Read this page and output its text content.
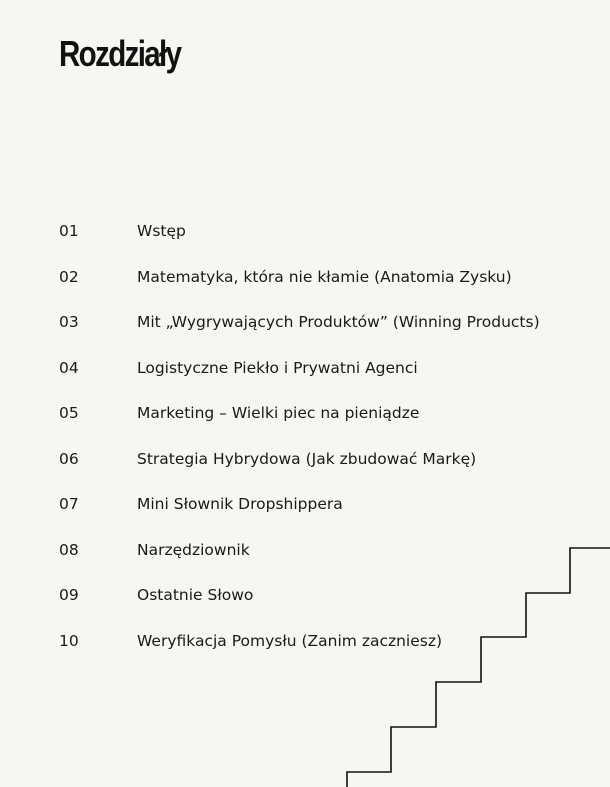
Rozdziały
01	Wstęp
02	Matematyka, która nie kłamie (Anatomia Zysku)
03	Mit „Wygrywających Produktów” (Winning Products)
04	Logistyczne Piekło i Prywatni Agenci
05	Marketing – Wielki piec na pieniądze
06	Strategia Hybrydowa (Jak zbudować Markę)
07	Mini Słownik Dropshippera
08	Narzędziownik
09	Ostatnie Słowo
10	Weryfikacja Pomysłu (Zanim zaczniesz)
